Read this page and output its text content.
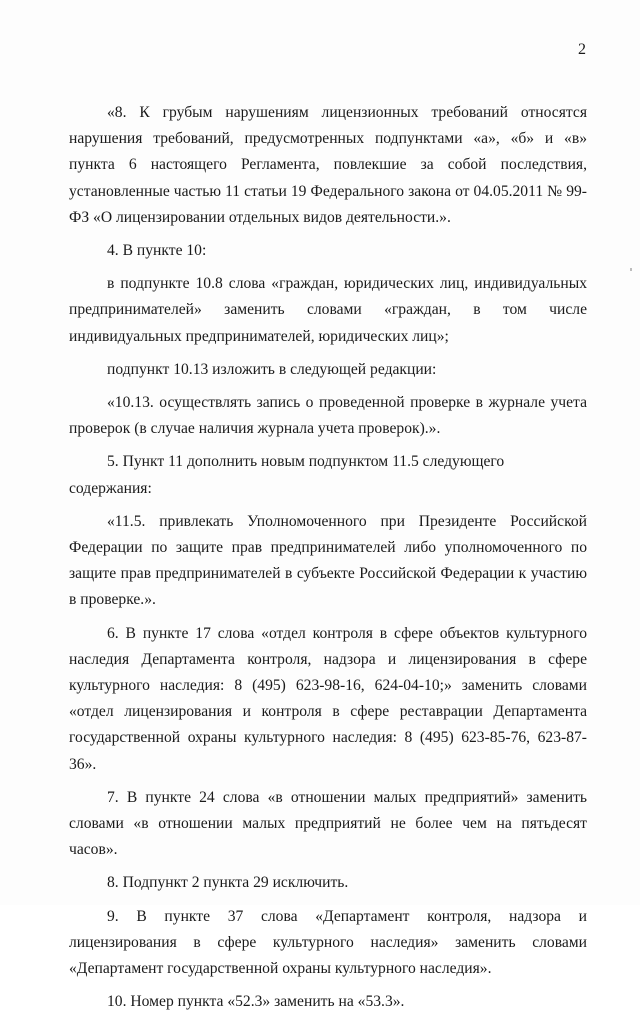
2

«8. К грубым нарушениям лицензионных требований относятся нарушения требований, предусмотренных подпунктами «а», «б» и «в» пункта 6 настоящего Регламента, повлекшие за собой последствия, установленные частью 11 статьи 19 Федерального закона от 04.05.2011 № 99-ФЗ «О лицензировании отдельных видов деятельности.».

4. В пункте 10:

в подпункте 10.8 слова «граждан, юридических лиц, индивидуальных предпринимателей» заменить словами «граждан, в том числе индивидуальных предпринимателей, юридических лиц»;

подпункт 10.13 изложить в следующей редакции:

«10.13. осуществлять запись о проведенной проверке в журнале учета проверок (в случае наличия журнала учета проверок).».

5. Пункт 11 дополнить новым подпунктом 11.5 следующего содержания:

«11.5. привлекать Уполномоченного при Президенте Российской Федерации по защите прав предпринимателей либо уполномоченного по защите прав предпринимателей в субъекте Российской Федерации к участию в проверке.».

6. В пункте 17 слова «отдел контроля в сфере объектов культурного наследия Департамента контроля, надзора и лицензирования в сфере культурного наследия: 8 (495) 623-98-16, 624-04-10;» заменить словами «отдел лицензирования и контроля в сфере реставрации Департамента государственной охраны культурного наследия: 8 (495) 623-85-76, 623-87-36».

7. В пункте 24 слова «в отношении малых предприятий» заменить словами «в отношении малых предприятий не более чем на пятьдесят часов».

8. Подпункт 2 пункта 29 исключить.

9. В пункте 37 слова «Департамент контроля, надзора и лицензирования в сфере культурного наследия» заменить словами «Департамент государственной охраны культурного наследия».

10. Номер пункта «52.3» заменить на «53.3».
